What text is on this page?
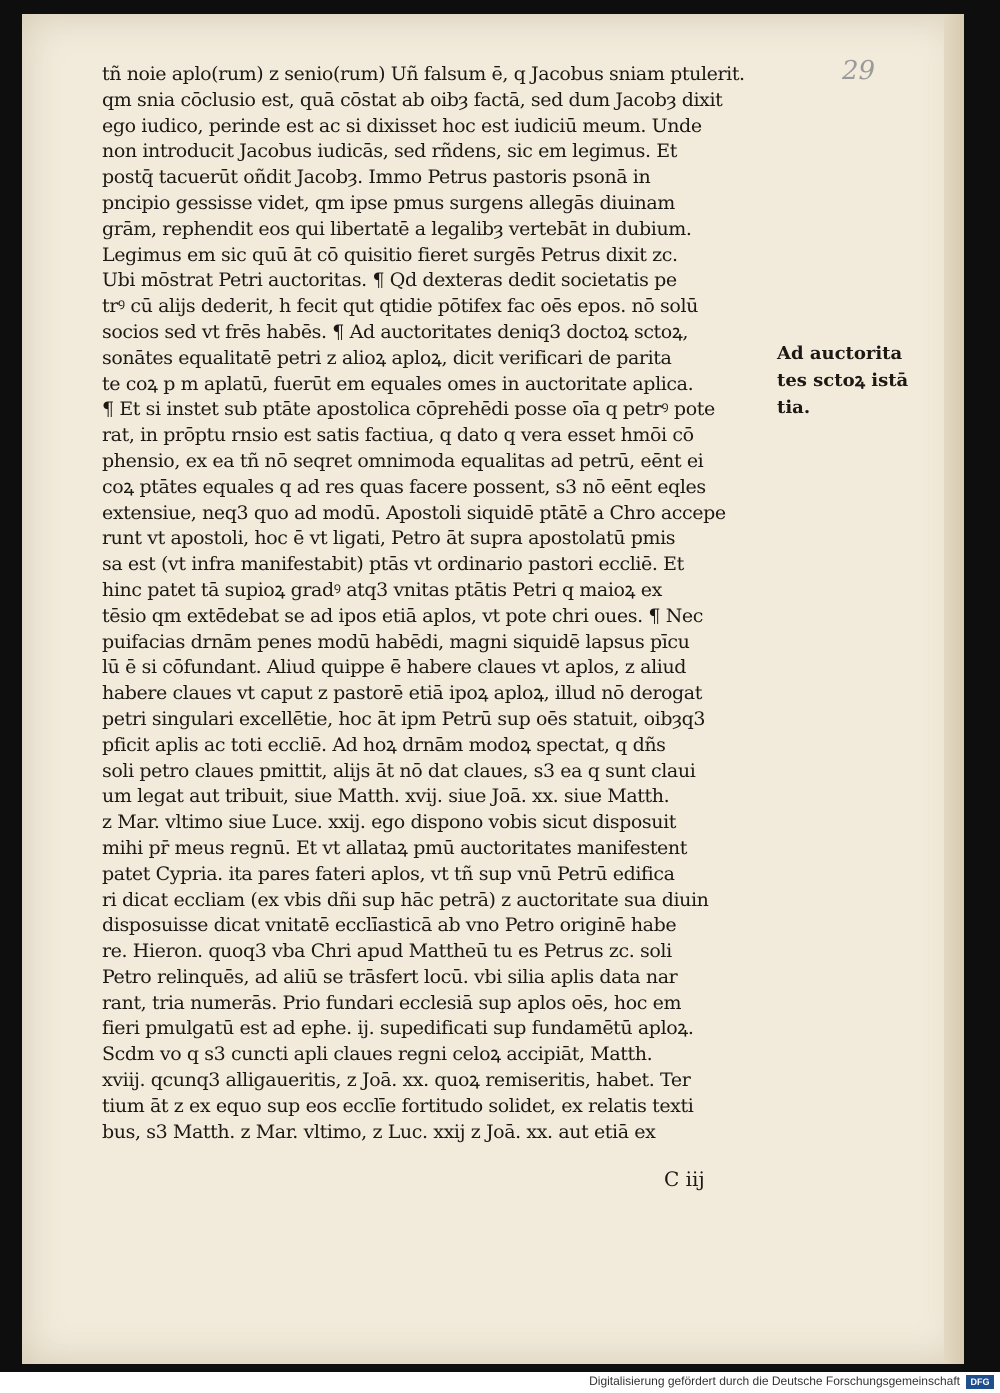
29
tñ noie aplo(rum) z senio(rum) Uñ falsum ē, q Jacobus sniam ptulerit.
qm snia cōclusio est, quā cōstat ab oibȝ factā, sed dum Jacobȝ dixit
ego iudico, perinde est ac si dixisset hoc est iudiciū meum. Unde
non introducit Jacobus iudicās, sed rñdens, sic em legimus. Et
postq̄ tacuerūt oñdit Jacobȝ. Immo Petrus pastoris psonā in
pncipio gessisse videt, qm ipse pmus surgens allegās diuinam
grām, rephendit eos qui libertatē a legalibȝ vertebāt in dubium.
Legimus em sic quū āt cō quisitio fieret surgēs Petrus dixit zc.
Ubi mōstrat Petri auctoritas. ¶ Qd dexteras dedit societatis pe
trꝰ cū alijs dederit, h fecit qut qtidie pōtifex fac oēs epos. nō solū
socios sed vt frēs habēs. ¶ Ad auctoritates deniq3 doctoꝝ sctoꝝ,
sonātes equalitatē petri z alioꝝ aploꝝ, dicit verificari de parita
te coꝝ p m aplatū, fuerūt em equales omes in auctoritate aplica.
¶ Et si instet sub ptāte apostolica cōprehēdi posse oīa q petrꝰ pote
rat, in prōptu rnsio est satis factiua, q dato q vera esset hmōi cō
phensio, ex ea tñ nō seqret omnimoda equalitas ad petrū, eēnt ei
coꝝ ptātes equales q ad res quas facere possent, s3 nō eēnt eqles
extensiue, neq3 quo ad modū. Apostoli siquidē ptātē a Chro accepe
runt vt apostoli, hoc ē vt ligati, Petro āt supra apostolatū pmis
sa est (vt infra manifestabit) ptās vt ordinario pastori eccliē. Et
hinc patet tā supioꝝ gradꝰ atq3 vnitas ptātis Petri q maioꝝ ex
tēsio qm extēdebat se ad ipos etiā aplos, vt pote chri oues. ¶ Nec
puifacias drnām penes modū habēdi, magni siquidē lapsus pīcu
lū ē si cōfundant. Aliud quippe ē habere claues vt aplos, z aliud
habere claues vt caput z pastorē etiā ipoꝝ aploꝝ, illud nō derogat
petri singulari excellētie, hoc āt ipm Petrū sup oēs statuit, oibȝq3
pficit aplis ac toti eccliē. Ad hoꝝ drnām modoꝝ spectat, q dñs
soli petro claues pmittit, alijs āt nō dat claues, s3 ea q sunt claui
um legat aut tribuit, siue Matth. xvij. siue Joā. xx. siue Matth.
z Mar. vltimo siue Luce. xxij. ego dispono vobis sicut disposuit
mihi pr̄ meus regnū. Et vt allataꝝ pmū auctoritates manifestent
patet Cypria. ita pares fateri aplos, vt tñ sup vnū Petrū edifica
ri dicat eccliam (ex vbis dñi sup hāc petrā) z auctoritate sua diuin
disposuisse dicat vnitatē ecclīasticā ab vno Petro originē habe
re. Hieron. quoq3 vba Chri apud Mattheū tu es Petrus zc. soli
Petro relinquēs, ad aliū se trāsfert locū. vbi silia aplis data nar
rant, tria numerās. Prio fundari ecclesiā sup aplos oēs, hoc em
fieri pmulgatū est ad ephe. ij. supedificati sup fundamētū aploꝝ.
Scdm vo q s3 cuncti apli claues regni celoꝝ accipiāt, Matth.
xviij. qcunq3 alligaueritis, z Joā. xx. quoꝝ remiseritis, habet. Ter
tium āt z ex equo sup eos ecclīe fortitudo solidet, ex relatis texti
bus, s3 Matth. z Mar. vltimo, z Luc. xxij z Joā. xx. aut etiā ex
Ad auctorita
tes sctoꝝ istā
tia.
C iij
Digitalisierung gefördert durch die Deutsche Forschungsgemeinschaft	DFG
